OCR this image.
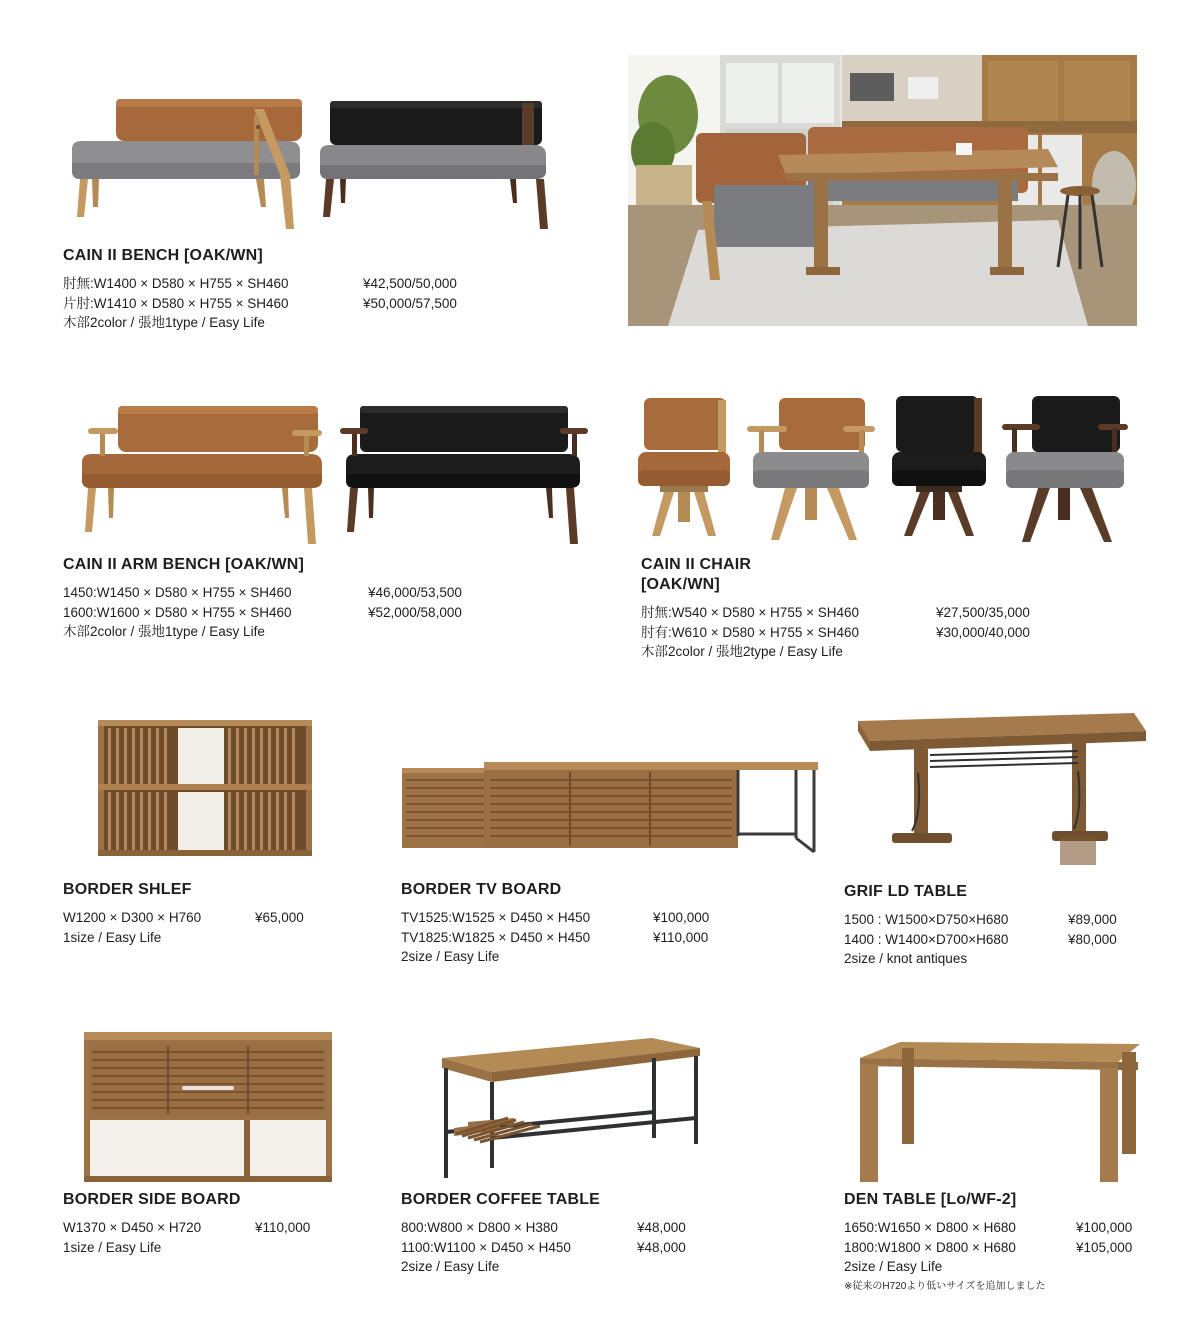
CAIN II BENCH [OAK/WN]
肘無:W1400 × D580 × H755 × SH460	¥42,500/50,000
片肘:W1410 × D580 × H755 × SH460	¥50,000/57,500
木部2color / 張地1type / Easy Life
CAIN II ARM BENCH [OAK/WN]
1450:W1450 × D580 × H755 × SH460	¥46,000/53,500
1600:W1600 × D580 × H755 × SH460	¥52,000/58,000
木部2color / 張地1type / Easy Life
CAIN II CHAIR
[OAK/WN]
肘無:W540 × D580 × H755 × SH460	¥27,500/35,000
肘有:W610 × D580 × H755 × SH460	¥30,000/40,000
木部2color / 張地2type / Easy Life
BORDER SHLEF
W1200 × D300 × H760	¥65,000
1size / Easy Life
BORDER TV BOARD
TV1525:W1525 × D450 × H450	¥100,000
TV1825:W1825 × D450 × H450	¥110,000
2size / Easy Life
GRIF LD TABLE
1500 : W1500×D750×H680	¥89,000
1400 : W1400×D700×H680	¥80,000
2size / knot antiques
BORDER SIDE BOARD
W1370 × D450 × H720	¥110,000
1size / Easy Life
BORDER COFFEE TABLE
800:W800 × D800 × H380	¥48,000
1100:W1100 × D450 × H450	¥48,000
2size / Easy Life
DEN TABLE [Lo/WF-2]
1650:W1650 × D800 × H680	¥100,000
1800:W1800 × D800 × H680	¥105,000
2size / Easy Life
※従来のH720より低いサイズを追加しました
